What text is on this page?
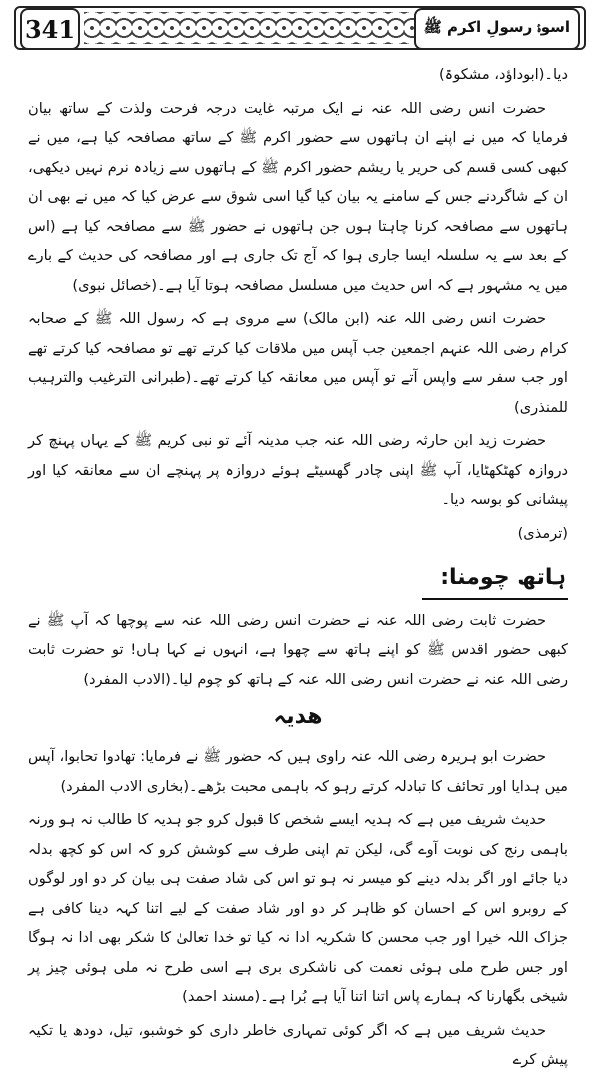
341	اسوۂ رسولِ اکرم ﷺ

دیا۔(ابوداؤد، مشکوۃ)

حضرت انس رضی اللہ عنہ نے ایک مرتبہ غایت درجہ فرحت ولذت کے ساتھ بیان فرمایا کہ میں نے اپنے ان ہاتھوں سے حضور اکرم ﷺ کے ساتھ مصافحہ کیا ہے، میں نے کبھی کسی قسم کی حریر یا ریشم حضور اکرم ﷺ کے ہاتھوں سے زیادہ نرم نہیں دیکھی، ان کے شاگردنے جس کے سامنے یہ بیان کیا گیا اسی شوق سے عرض کیا کہ میں نے بھی ان ہاتھوں سے مصافحہ کرنا چاہتا ہوں جن ہاتھوں نے حضور ﷺ سے مصافحہ کیا ہے (اس کے بعد سے یہ سلسلہ ایسا جاری ہوا کہ آج تک جاری ہے اور مصافحہ کی حدیث کے بارے میں یہ مشہور ہے کہ اس حدیث میں مسلسل مصافحہ ہوتا آیا ہے۔(خصائل نبوی)

حضرت انس رضی اللہ عنہ (ابن مالک) سے مروی ہے کہ رسول اللہ ﷺ کے صحابہ کرام رضی اللہ عنہم اجمعین جب آپس میں ملاقات کیا کرتے تھے تو مصافحہ کیا کرتے تھے اور جب سفر سے واپس آتے تو آپس میں معانقہ کیا کرتے تھے۔(طبرانی الترغیب والترہیب للمنذری)

حضرت زید ابن حارثہ رضی اللہ عنہ جب مدینہ آئے تو نبی کریم ﷺ کے یہاں پہنچ کر دروازہ کھٹکھٹایا، آپ ﷺ اپنی چادر گھسیٹے ہوئے دروازہ پر پہنچے ان سے معانقہ کیا اور پیشانی کو بوسہ دیا۔

(ترمذی)

ہاتھ چومنا:

حضرت ثابت رضی اللہ عنہ نے حضرت انس رضی اللہ عنہ سے پوچھا کہ آپ ﷺ نے کبھی حضور اقدس ﷺ کو اپنے ہاتھ سے چھوا ہے، انہوں نے کہا ہاں! تو حضرت ثابت رضی اللہ عنہ نے حضرت انس رضی اللہ عنہ کے ہاتھ کو چوم لیا۔(الادب المفرد)

ھدیہ

حضرت ابو ہریرہ رضی اللہ عنہ راوی ہیں کہ حضور ﷺ نے فرمایا: تھادوا تحابوا، آپس میں ہدایا اور تحائف کا تبادلہ کرتے رہو کہ باہمی محبت بڑھے۔(بخاری الادب المفرد)

حدیث شریف میں ہے کہ ہدیہ ایسے شخص کا قبول کرو جو ہدیہ کا طالب نہ ہو ورنہ باہمی رنج کی نوبت آوے گی، لیکن تم اپنی طرف سے کوشش کرو کہ اس کو کچھ بدلہ دیا جائے اور اگر بدلہ دینے کو میسر نہ ہو تو اس کی شاد صفت ہی بیان کر دو اور لوگوں کے روبرو اس کے احسان کو ظاہر کر دو اور شاد صفت کے لیے اتنا کہہ دینا کافی ہے جزاک اللہ خیرا اور جب محسن کا شکریہ ادا نہ کیا تو خدا تعالیٰ کا شکر بھی ادا نہ ہوگا اور جس طرح ملی ہوئی نعمت کی ناشکری بری ہے اسی طرح نہ ملی ہوئی چیز پر شیخی بگھارنا کہ ہمارے پاس اتنا اتنا آیا ہے بُرا ہے۔(مسند احمد)

حدیث شریف میں ہے کہ اگر کوئی تمہاری خاطر داری کو خوشبو، تیل، دودھ یا تکیہ پیش کرے
